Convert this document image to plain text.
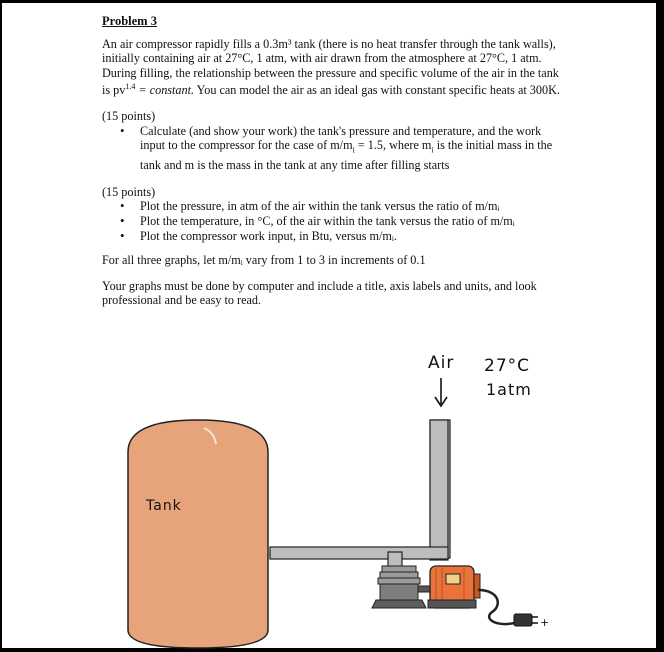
Problem 3

An air compressor rapidly fills a 0.3m³ tank (there is no heat transfer through the tank walls), initially containing air at 27°C, 1 atm, with air drawn from the atmosphere at 27°C, 1 atm. During filling, the relationship between the pressure and specific volume of the air in the tank is $pv^{1.4}$ = constant. You can model the air as an ideal gas with constant specific heats at 300K.

(15 points)

• Calculate (and show your work) the tank's pressure and temperature, and the work input to the compressor for the case of $m/m_i = 1.5$, where $m_i$ is the initial mass in the tank and m is the mass in the tank at any time after filling starts

(15 points)

• Plot the pressure, in atm of the air within the tank versus the ratio of m/mᵢ
• Plot the temperature, in °C, of the air within the tank versus the ratio of m/mᵢ
• Plot the compressor work input, in Btu, versus m/mᵢ.

For all three graphs, let m/mᵢ vary from 1 to 3 in increments of 0.1

Your graphs must be done by computer and include a title, axis labels and units, and look professional and be easy to read.

+
Air 27°C
1atm
Tank
